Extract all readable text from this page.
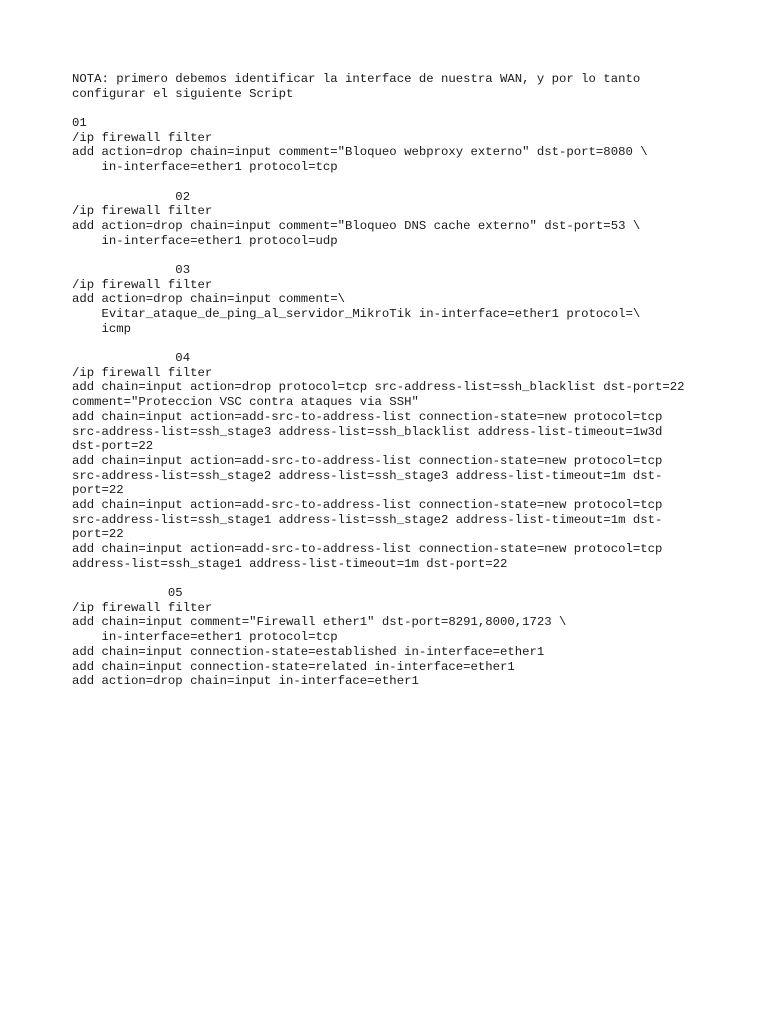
NOTA: primero debemos identificar la interface de nuestra WAN, y por lo tanto
configurar el siguiente Script
01
/ip firewall filter
add action=drop chain=input comment="Bloqueo webproxy externo" dst-port=8080 \
in-interface=ether1 protocol=tcp
02
/ip firewall filter
add action=drop chain=input comment="Bloqueo DNS cache externo" dst-port=53 \
in-interface=ether1 protocol=udp
03
/ip firewall filter
add action=drop chain=input comment=\
Evitar_ataque_de_ping_al_servidor_MikroTik in-interface=ether1 protocol=\
icmp
04
/ip firewall filter
add chain=input action=drop protocol=tcp src-address-list=ssh_blacklist dst-port=22
comment="Proteccion VSC contra ataques via SSH"
add chain=input action=add-src-to-address-list connection-state=new protocol=tcp
src-address-list=ssh_stage3 address-list=ssh_blacklist address-list-timeout=1w3d
dst-port=22
add chain=input action=add-src-to-address-list connection-state=new protocol=tcp
src-address-list=ssh_stage2 address-list=ssh_stage3 address-list-timeout=1m dst-
port=22
add chain=input action=add-src-to-address-list connection-state=new protocol=tcp
src-address-list=ssh_stage1 address-list=ssh_stage2 address-list-timeout=1m dst-
port=22
add chain=input action=add-src-to-address-list connection-state=new protocol=tcp
address-list=ssh_stage1 address-list-timeout=1m dst-port=22
05
/ip firewall filter
add chain=input comment="Firewall ether1" dst-port=8291,8000,1723 \
in-interface=ether1 protocol=tcp
add chain=input connection-state=established in-interface=ether1
add chain=input connection-state=related in-interface=ether1
add action=drop chain=input in-interface=ether1
